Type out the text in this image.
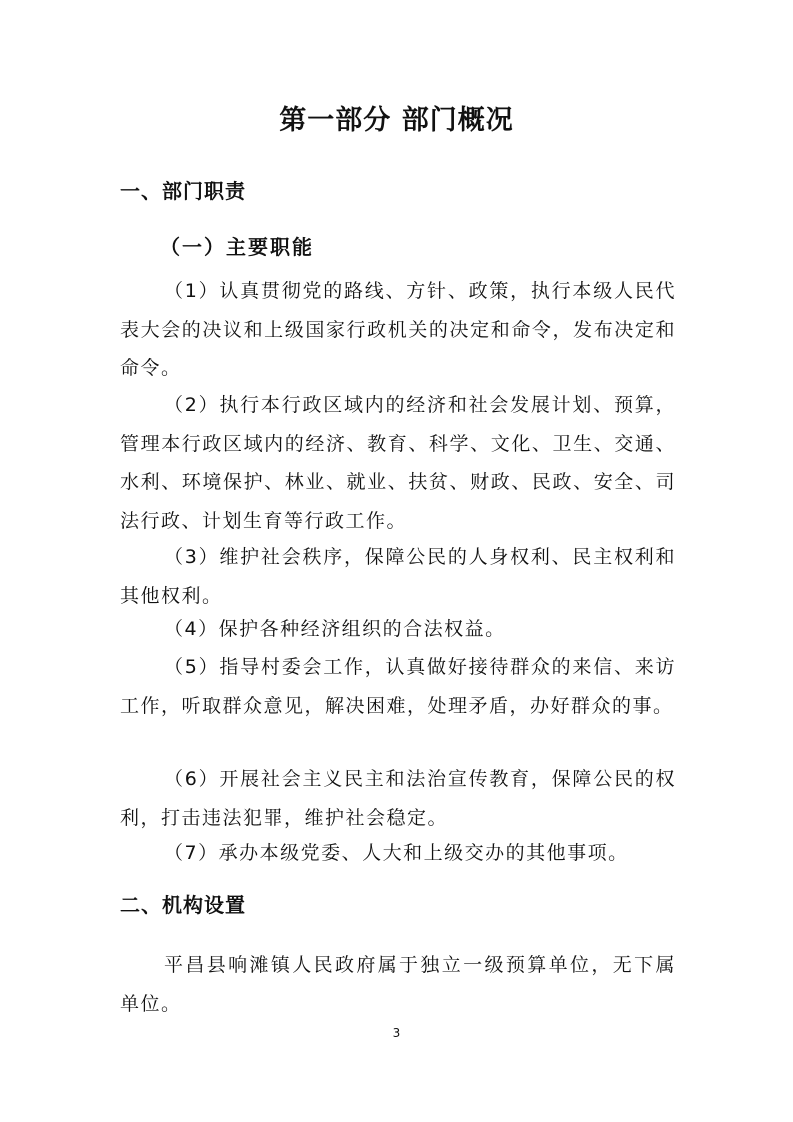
第一部分 部门概况
一、部门职责
（一）主要职能

（1）认真贯彻党的路线、方针、政策，执行本级人民代表大会的决议和上级国家行政机关的决定和命令，发布决定和命令。

（2）执行本行政区域内的经济和社会发展计划、预算，管理本行政区域内的经济、教育、科学、文化、卫生、交通、水利、环境保护、林业、就业、扶贫、财政、民政、安全、司法行政、计划生育等行政工作。

（3）维护社会秩序，保障公民的人身权利、民主权利和其他权利。

（4）保护各种经济组织的合法权益。

（5）指导村委会工作，认真做好接待群众的来信、来访工作，听取群众意见，解决困难，处理矛盾，办好群众的事。

（6）开展社会主义民主和法治宣传教育，保障公民的权利，打击违法犯罪，维护社会稳定。

（7）承办本级党委、人大和上级交办的其他事项。

二、机构设置

平昌县响滩镇人民政府属于独立一级预算单位，无下属单位。

3
